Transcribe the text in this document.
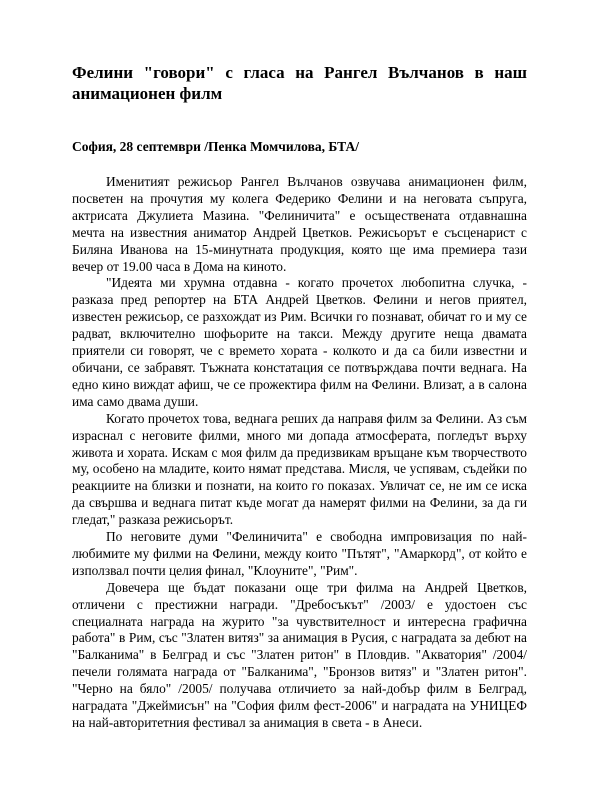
Фелини "говори" с гласа на Рангел Вълчанов в наш анимационен филм

София, 28 септември /Пенка Момчилова, БТА/

Именитият режисьор Рангел Вълчанов озвучава анимационен филм, посветен на прочутия му колега Федерико Фелини и на неговата съпруга, актрисата Джулиета Мазина. "Фелиничита" е осъществената отдавнашна мечта на известния аниматор Андрей Цветков. Режисьорът е съсценарист с Биляна Иванова на 15-минутната продукция, която ще има премиера тази вечер от 19.00 часа в Дома на киното.

"Идеята ми хрумна отдавна - когато прочетох любопитна случка, - разказа пред репортер на БТА Андрей Цветков. Фелини и негов приятел, известен режисьор, се разхождат из Рим. Всички го познават, обичат го и му се радват, включително шофьорите на такси. Между другите неща двамата приятели си говорят, че с времето хората - колкото и да са били известни и обичани, се забравят. Тъжната констатация се потвърждава почти веднага. На едно кино виждат афиш, че се прожектира филм на Фелини. Влизат, а в салона има само двама души.

Когато прочетох това, веднага реших да направя филм за Фелини. Аз съм израснал с неговите филми, много ми допада атмосферата, погледът върху живота и хората. Искам с моя филм да предизвикам връщане към творчеството му, особено на младите, които нямат представа. Мисля, че успявам, съдейки по реакциите на близки и познати, на които го показах. Увличат се, не им се иска да свършва и веднага питат къде могат да намерят филми на Фелини, за да ги гледат," разказа режисьорът.

По неговите думи "Фелиничита" е свободна импровизация по най-любимите му филми на Фелини, между които "Пътят", "Амаркорд", от който е използвал почти целия финал, "Клоуните", "Рим".

Довечера ще бъдат показани още три филма на Андрей Цветков, отличени с престижни награди. "Дребосъкът" /2003/ е удостоен със специалната награда на журито "за чувствителност и интересна графична работа" в Рим, със "Златен витяз" за анимация в Русия, с наградата за дебют на "Балканима" в Белград и със "Златен ритон" в Пловдив. "Акватория" /2004/ печели голямата награда от "Балканима", "Бронзов витяз" и "Златен ритон". "Черно на бяло" /2005/ получава отличието за най-добър филм в Белград, наградата "Джеймисън" на "София филм фест-2006" и наградата на УНИЦЕФ на най-авторитетния фестивал за анимация в света - в Анеси.
